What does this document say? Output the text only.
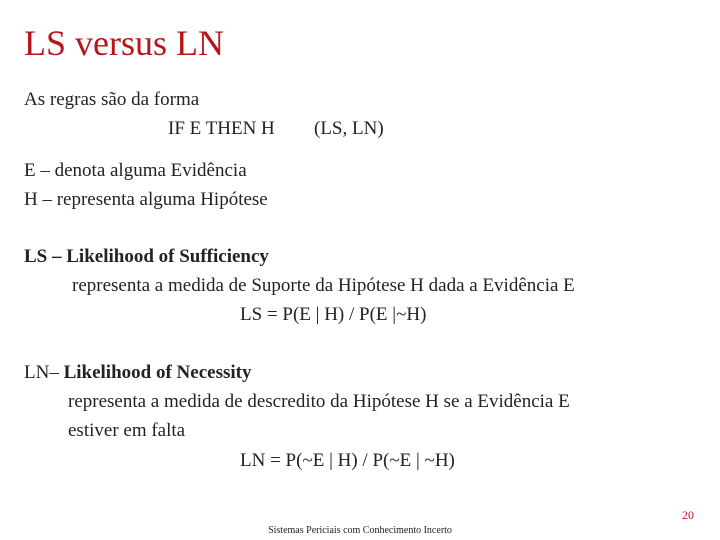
LS versus LN
As regras são da forma
IF E THEN H (LS, LN)
E – denota alguma Evidência
H – representa alguma Hipótese
LS – Likelihood of Sufficiency
representa a medida de Suporte da Hipótese H dada a Evidência E
LS = P(E | H) / P(E |~H)
LN– Likelihood of Necessity
representa a medida de descredito da Hipótese H se a Evidência E
estiver em falta
LN = P(~E | H) / P(~E | ~H)
20
Sistemas Periciais com Conhecimento Incerto
